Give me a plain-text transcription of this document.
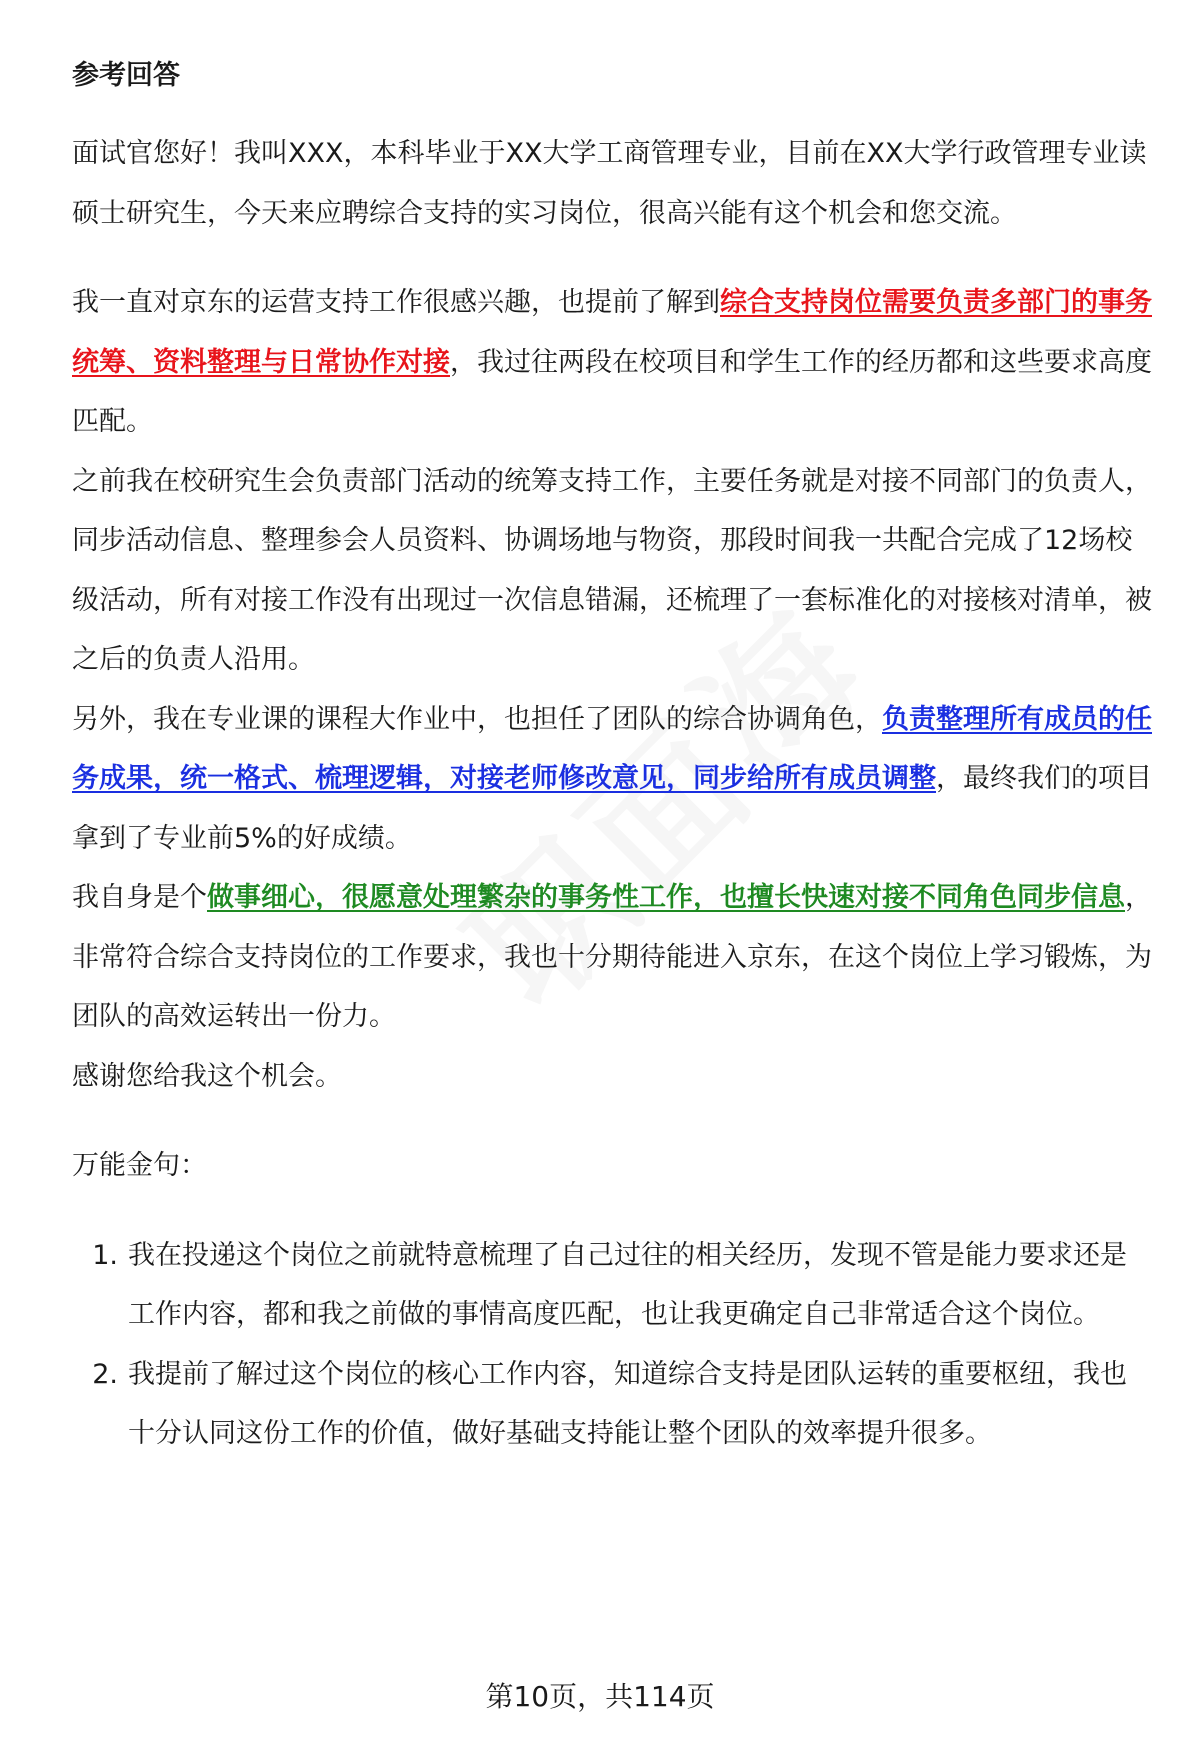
参考回答

面试官您好！我叫XXX，本科毕业于XX大学工商管理专业，目前在XX大学行政管理专业读硕士研究生，今天来应聘综合支持的实习岗位，很高兴能有这个机会和您交流。

我一直对京东的运营支持工作很感兴趣，也提前了解到综合支持岗位需要负责多部门的事务统筹、资料整理与日常协作对接，我过往两段在校项目和学生工作的经历都和这些要求高度匹配。

之前我在校研究生会负责部门活动的统筹支持工作，主要任务就是对接不同部门的负责人，同步活动信息、整理参会人员资料、协调场地与物资，那段时间我一共配合完成了12场校级活动，所有对接工作没有出现过一次信息错漏，还梳理了一套标准化的对接核对清单，被之后的负责人沿用。

另外，我在专业课的课程大作业中，也担任了团队的综合协调角色，负责整理所有成员的任务成果，统一格式、梳理逻辑，对接老师修改意见，同步给所有成员调整，最终我们的项目拿到了专业前5%的好成绩。

我自身是个做事细心，很愿意处理繁杂的事务性工作，也擅长快速对接不同角色同步信息，非常符合综合支持岗位的工作要求，我也十分期待能进入京东，在这个岗位上学习锻炼，为团队的高效运转出一份力。

感谢您给我这个机会。

万能金句：

1. 我在投递这个岗位之前就特意梳理了自己过往的相关经历，发现不管是能力要求还是工作内容，都和我之前做的事情高度匹配，也让我更确定自己非常适合这个岗位。
2. 我提前了解过这个岗位的核心工作内容，知道综合支持是团队运转的重要枢纽，我也十分认同这份工作的价值，做好基础支持能让整个团队的效率提升很多。
第10页，共114页
